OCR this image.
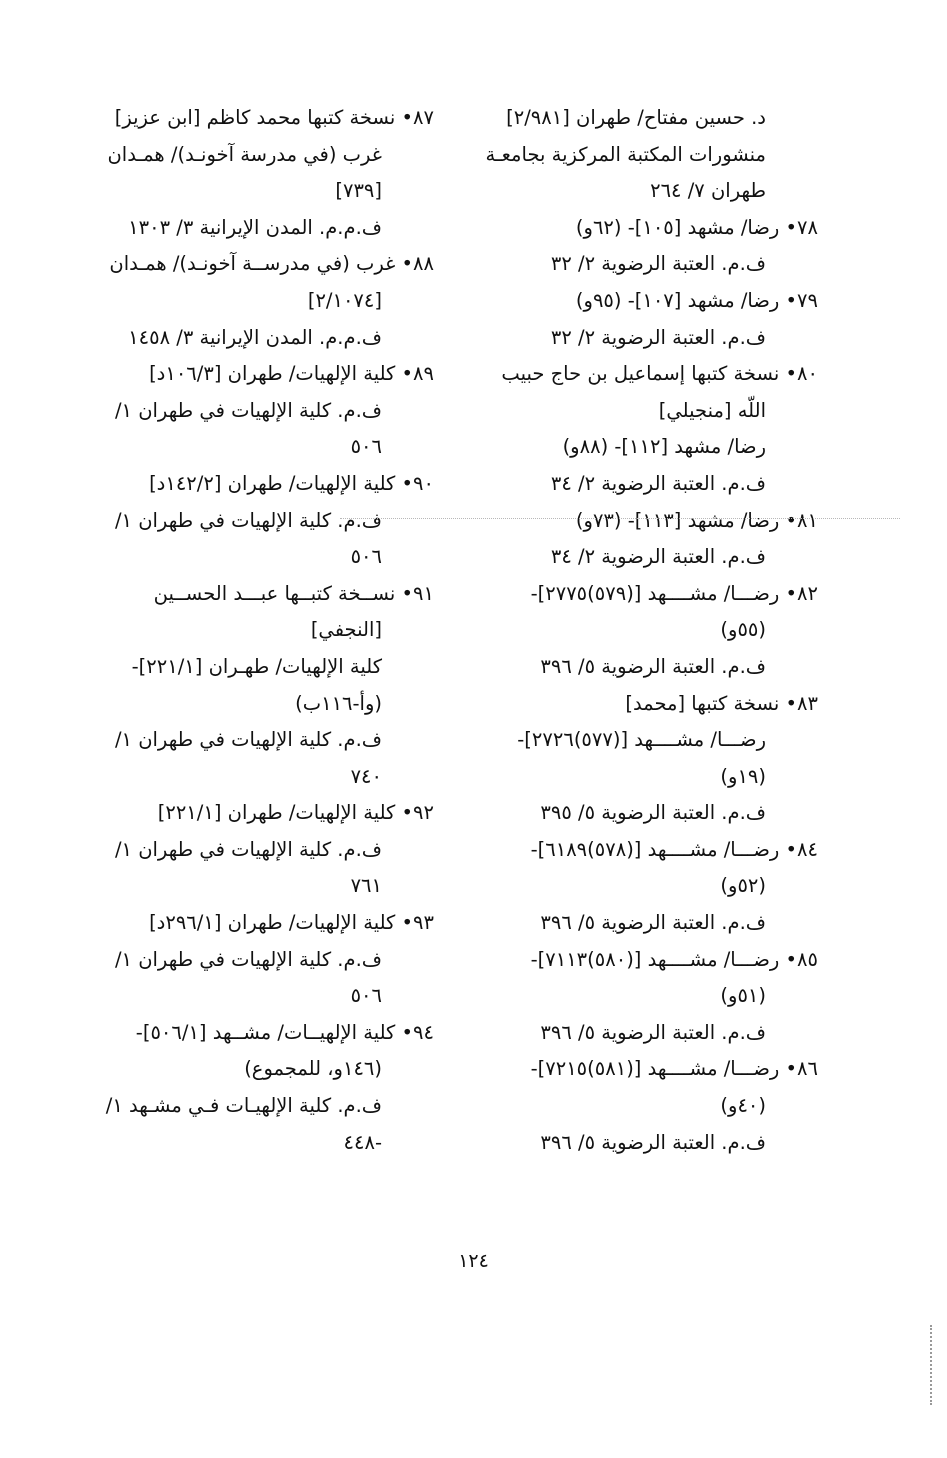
د. حسين مفتاح/ طهران [٢/٩٨١]
منشورات المكتبة المركزية بجامعـة
طهران ٧/ ٢٦٤
٧٨• رضا/ مشهد [١٠٥]- (٦٢و)
ف.م. العتبة الرضوية ٢/ ٣٢
٧٩• رضا/ مشهد [١٠٧]- (٩٥و)
ف.م. العتبة الرضوية ٢/ ٣٢
٨٠• نسخة كتبها إسماعيل بن حاج حبيب
اللّه [منجيلي]
رضا/ مشهد [١١٢]- (٨٨و)
ف.م. العتبة الرضوية ٢/ ٣٤
٨١• رضا/ مشهد [١١٣]- (٧٣و)
ف.م. العتبة الرضوية ٢/ ٣٤
٨٢• رضـــا/ مشــــهد [(٥٧٩)٢٧٧٥]-
(٥٥و)
ف.م. العتبة الرضوية ٥/ ٣٩٦
٨٣• نسخة كتبها [محمد]
رضـــا/ مشــــهد [(٥٧٧)٢٧٢٦]-
(١٩و)
ف.م. العتبة الرضوية ٥/ ٣٩٥
٨٤• رضـــا/ مشــــهد [(٥٧٨)٦١٨٩]-
(٥٢و)
ف.م. العتبة الرضوية ٥/ ٣٩٦
٨٥• رضـــا/ مشــــهد [(٥٨٠)٧١١٣]-
(٥١و)
ف.م. العتبة الرضوية ٥/ ٣٩٦
٨٦• رضـــا/ مشــــهد [(٥٨١)٧٢١٥]-
(٤٠و)
ف.م. العتبة الرضوية ٥/ ٣٩٦
٨٧• نسخة كتبها محمد كاظم [ابن عزيز]
غرب (في مدرسة آخونـد)/ همـدان
[٧٣٩]
ف.م.م. المدن الإيرانية ٣/ ١٣٠٣
٨٨• غرب (في مدرســة آخونـد)/ همـدان
[٢/١٠٧٤]
ف.م.م. المدن الإيرانية ٣/ ١٤٥٨
٨٩• كلية الإلهيات/ طهران [١٠٦/٣د]
ف.م. كلية الإلهيات في طهران ١/
٥٠٦
٩٠• كلية الإلهيات/ طهران [١٤٢/٢د]
ف.م. كلية الإلهيات في طهران ١/
٥٠٦
٩١• نســخة كتبــها عبـــد الحســين
[النجفي]
كلية الإلهيات/ طهـران [٢٢١/١]-
(وأ-١١٦ب)
ف.م. كلية الإلهيات في طهران ١/
٧٤٠
٩٢• كلية الإلهيات/ طهران [٢٢١/١]
ف.م. كلية الإلهيات في طهران ١/
٧٦١
٩٣• كلية الإلهيات/ طهران [٢٩٦/١د]
ف.م. كلية الإلهيات في طهران ١/
٥٠٦
٩٤• كلية الإلهيــات/ مشــهد [٥٠٦/١]-
(١٤٦و، للمجموع)
ف.م. كلية الإلهيـات فـي مشـهد ١/
-٤٤٨
١٢٤
